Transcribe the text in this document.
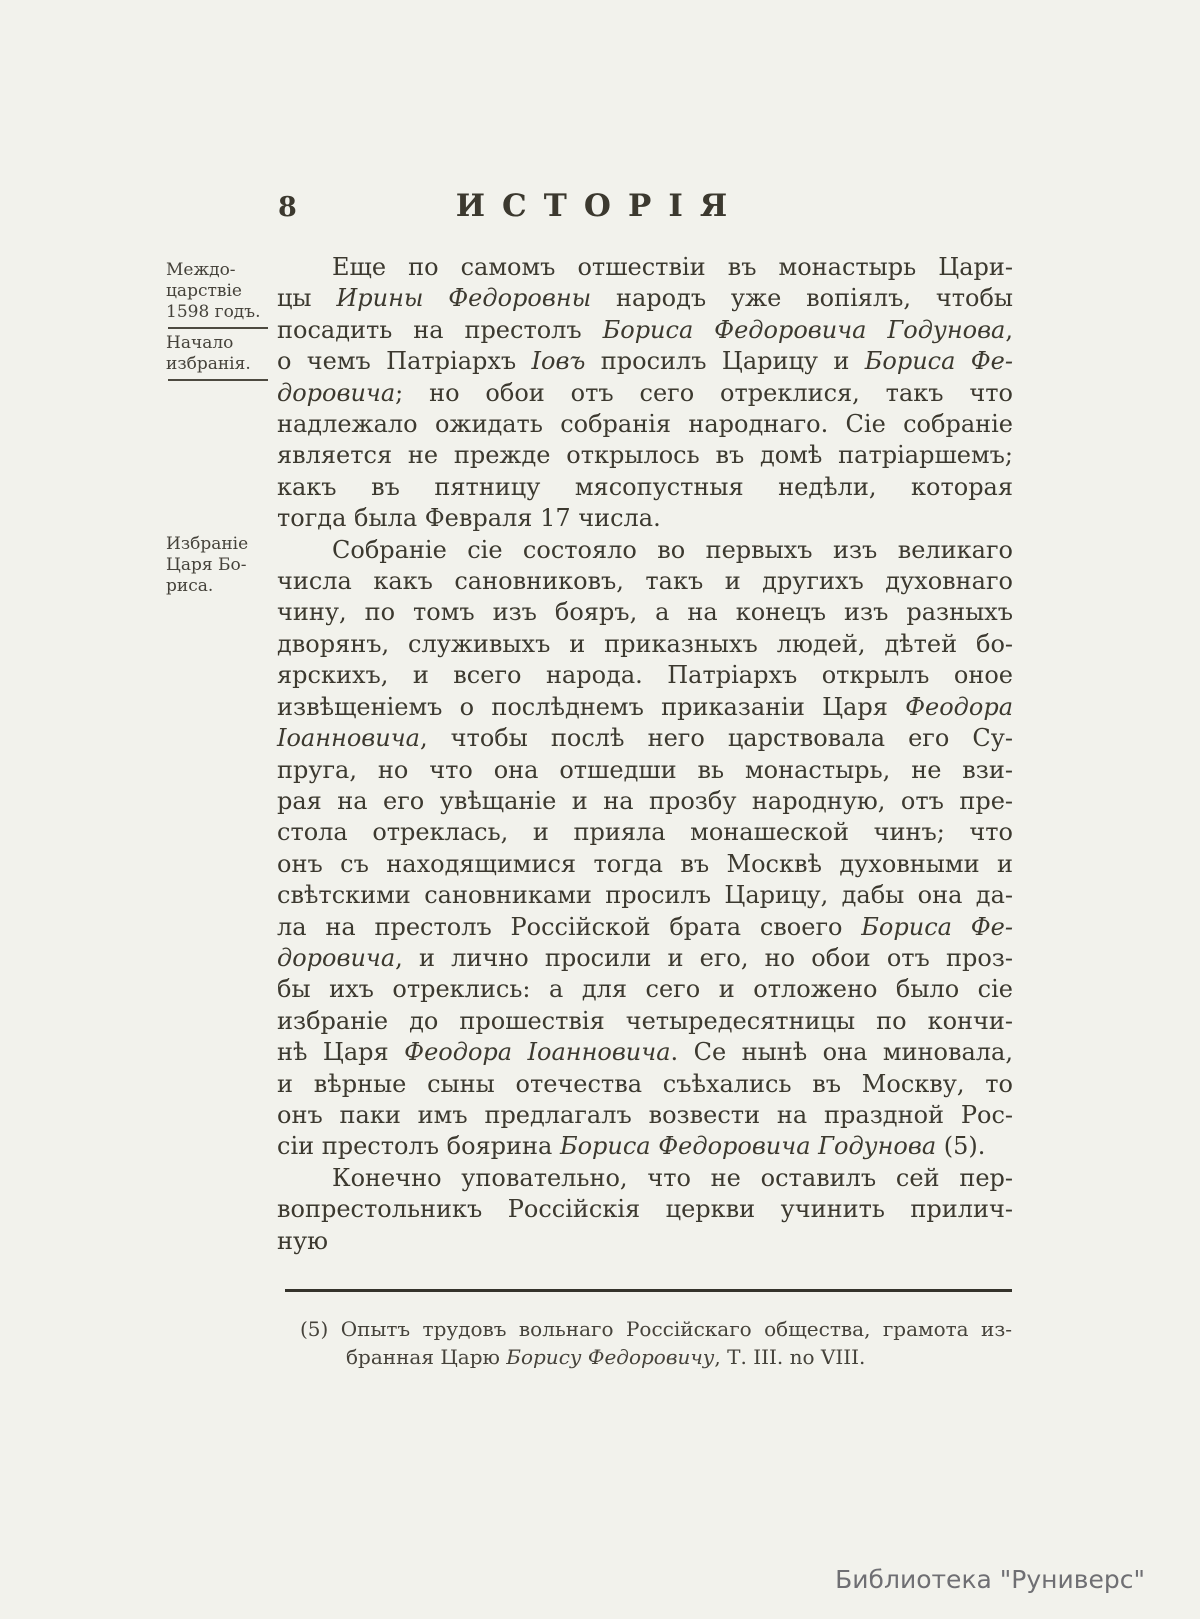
8	ИСТОРІЯ
Междо-
царствіе
1598 годъ.
Начало
избранія.
Избраніе
Царя Бо-
риса.
Еще по самомъ отшествіи въ монастырь Цари-
цы Ирины Федоровны народъ уже вопіялъ, чтобы
посадить на престолъ Бориса Федоровича Годунова,
о чемъ Патріархъ Іовъ просилъ Царицу и Бориса Фе-
доровича; но обои отъ сего отреклися, такъ что
надлежало ожидать собранія народнаго. Сіе собраніе
является не прежде открылось въ домѣ патріаршемъ;
какъ въ пятницу мясопустныя недѣли, которая
тогда была Февраля 17 числа.
Собраніе сіе состояло во первыхъ изъ великаго
числа какъ сановниковъ, такъ и другихъ духовнаго
чину, по томъ изъ бояръ, а на конецъ изъ разныхъ
дворянъ, служивыхъ и приказныхъ людей, дѣтей бо-
ярскихъ, и всего народа. Патріархъ открылъ оное
извѣщеніемъ о послѣднемъ приказаніи Царя Феодора
Іоанновича, чтобы послѣ него царствовала его Су-
пруга, но что она отшедши вь монастырь, не взи-
рая на его увѣщаніе и на прозбу народную, отъ пре-
стола отреклась, и прияла монашеской чинъ; что
онъ съ находящимися тогда въ Москвѣ духовными и
свѣтскими сановниками просилъ Царицу, дабы она да-
ла на престолъ Россійской брата своего Бориса Фе-
доровича, и лично просили и его, но обои отъ проз-
бы ихъ отреклись: а для сего и отложено было сіе
избраніе до прошествія четыредесятницы по кончи-
нѣ Царя Феодора Іоанновича. Се нынѣ она миновала,
и вѣрные сыны отечества съѣхались въ Москву, то
онъ паки имъ предлагалъ возвести на праздной Рос-
сіи престолъ боярина Бориса Федоровича Годунова (5).
Конечно уповательно, что не оставилъ сей пер-
вопрестольникъ Россійскія церкви учинить прилич-
ную
(5) Опытъ трудовъ вольнаго Россійскаго общества, грамота из-
бранная Царю Борису Федоровичу, Т. III. no VIII.
Библиотека "Руниверс"
